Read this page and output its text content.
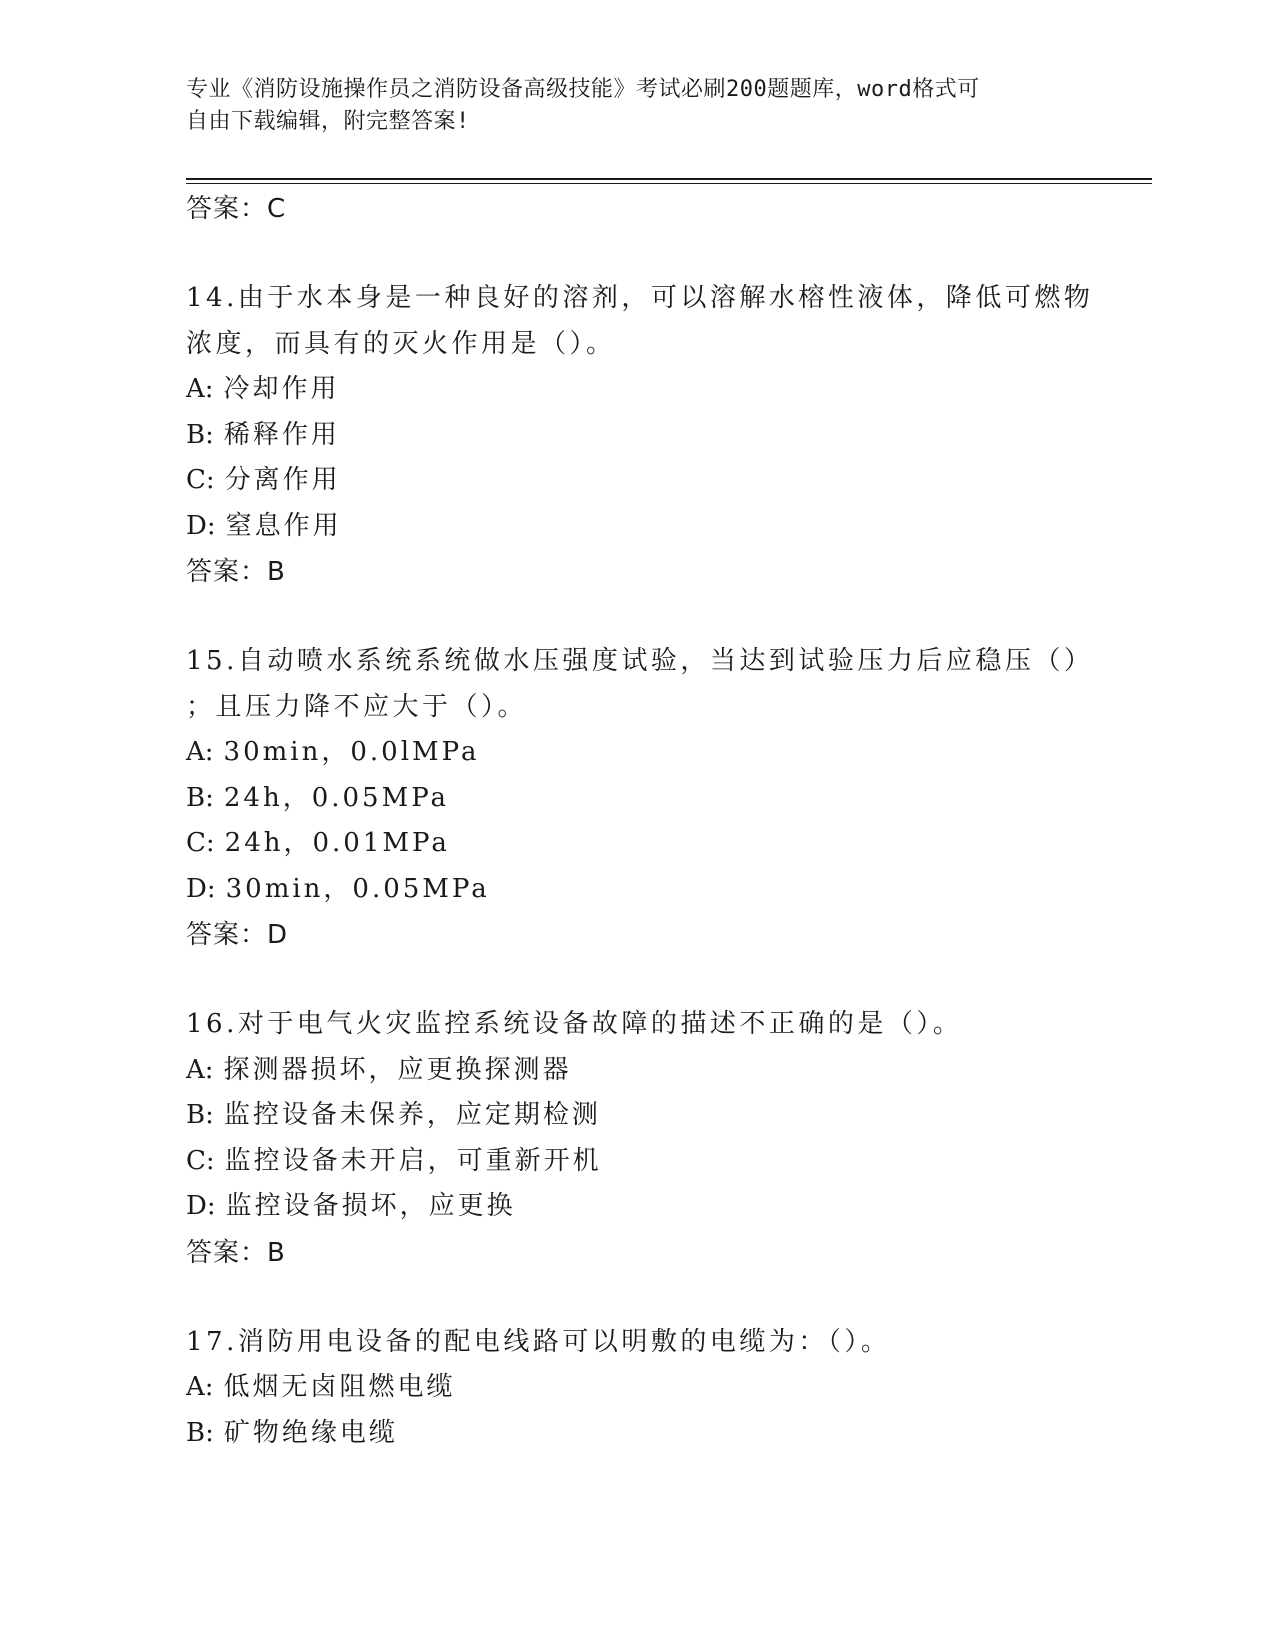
专业《消防设施操作员之消防设备高级技能》考试必刷200题题库，word格式可
自由下载编辑，附完整答案!
答案：C
14.由于水本身是一种良好的溶剂，可以溶解水榕性液体，降低可燃物
浓度，而具有的灭火作用是（）。
A: 冷却作用
B: 稀释作用
C: 分离作用
D: 窒息作用
答案：B
15.自动喷水系统系统做水压强度试验，当达到试验压力后应稳压（）
；且压力降不应大于（）。
A: 30min，0.0lMPa
B: 24h，0.05MPa
C: 24h，0.01MPa
D: 30min，0.05MPa
答案：D
16.对于电气火灾监控系统设备故障的描述不正确的是（）。
A: 探测器损坏，应更换探测器
B: 监控设备未保养，应定期检测
C: 监控设备未开启，可重新开机
D: 监控设备损坏，应更换
答案：B
17.消防用电设备的配电线路可以明敷的电缆为：（）。
A: 低烟无卤阻燃电缆
B: 矿物绝缘电缆
